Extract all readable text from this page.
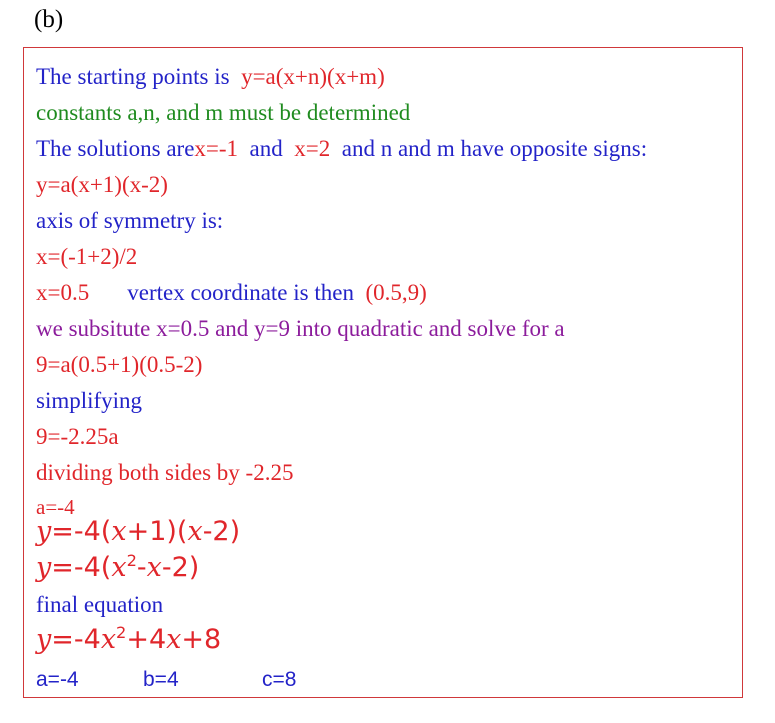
(b)
The starting points is  y=a(x+n)(x+m)
constants a,n, and m must be determined
The solutions arex=-1  and  x=2  and n and m have opposite signs:
y=a(x+1)(x-2)
axis of symmetry is:
x=(-1+2)/2
x=0.5 vertex coordinate is then  (0.5,9)
we subsitute x=0.5 and y=9 into quadratic and solve for a
9=a(0.5+1)(0.5-2)
simplifying
9=-2.25a
dividing both sides by -2.25
a=-4
y=-4(x+1)(x-2)
$y=-4(x^2-x-2)$
final equation
$y=-4x^2+4x+8$
a=-4	b=4	c=8
